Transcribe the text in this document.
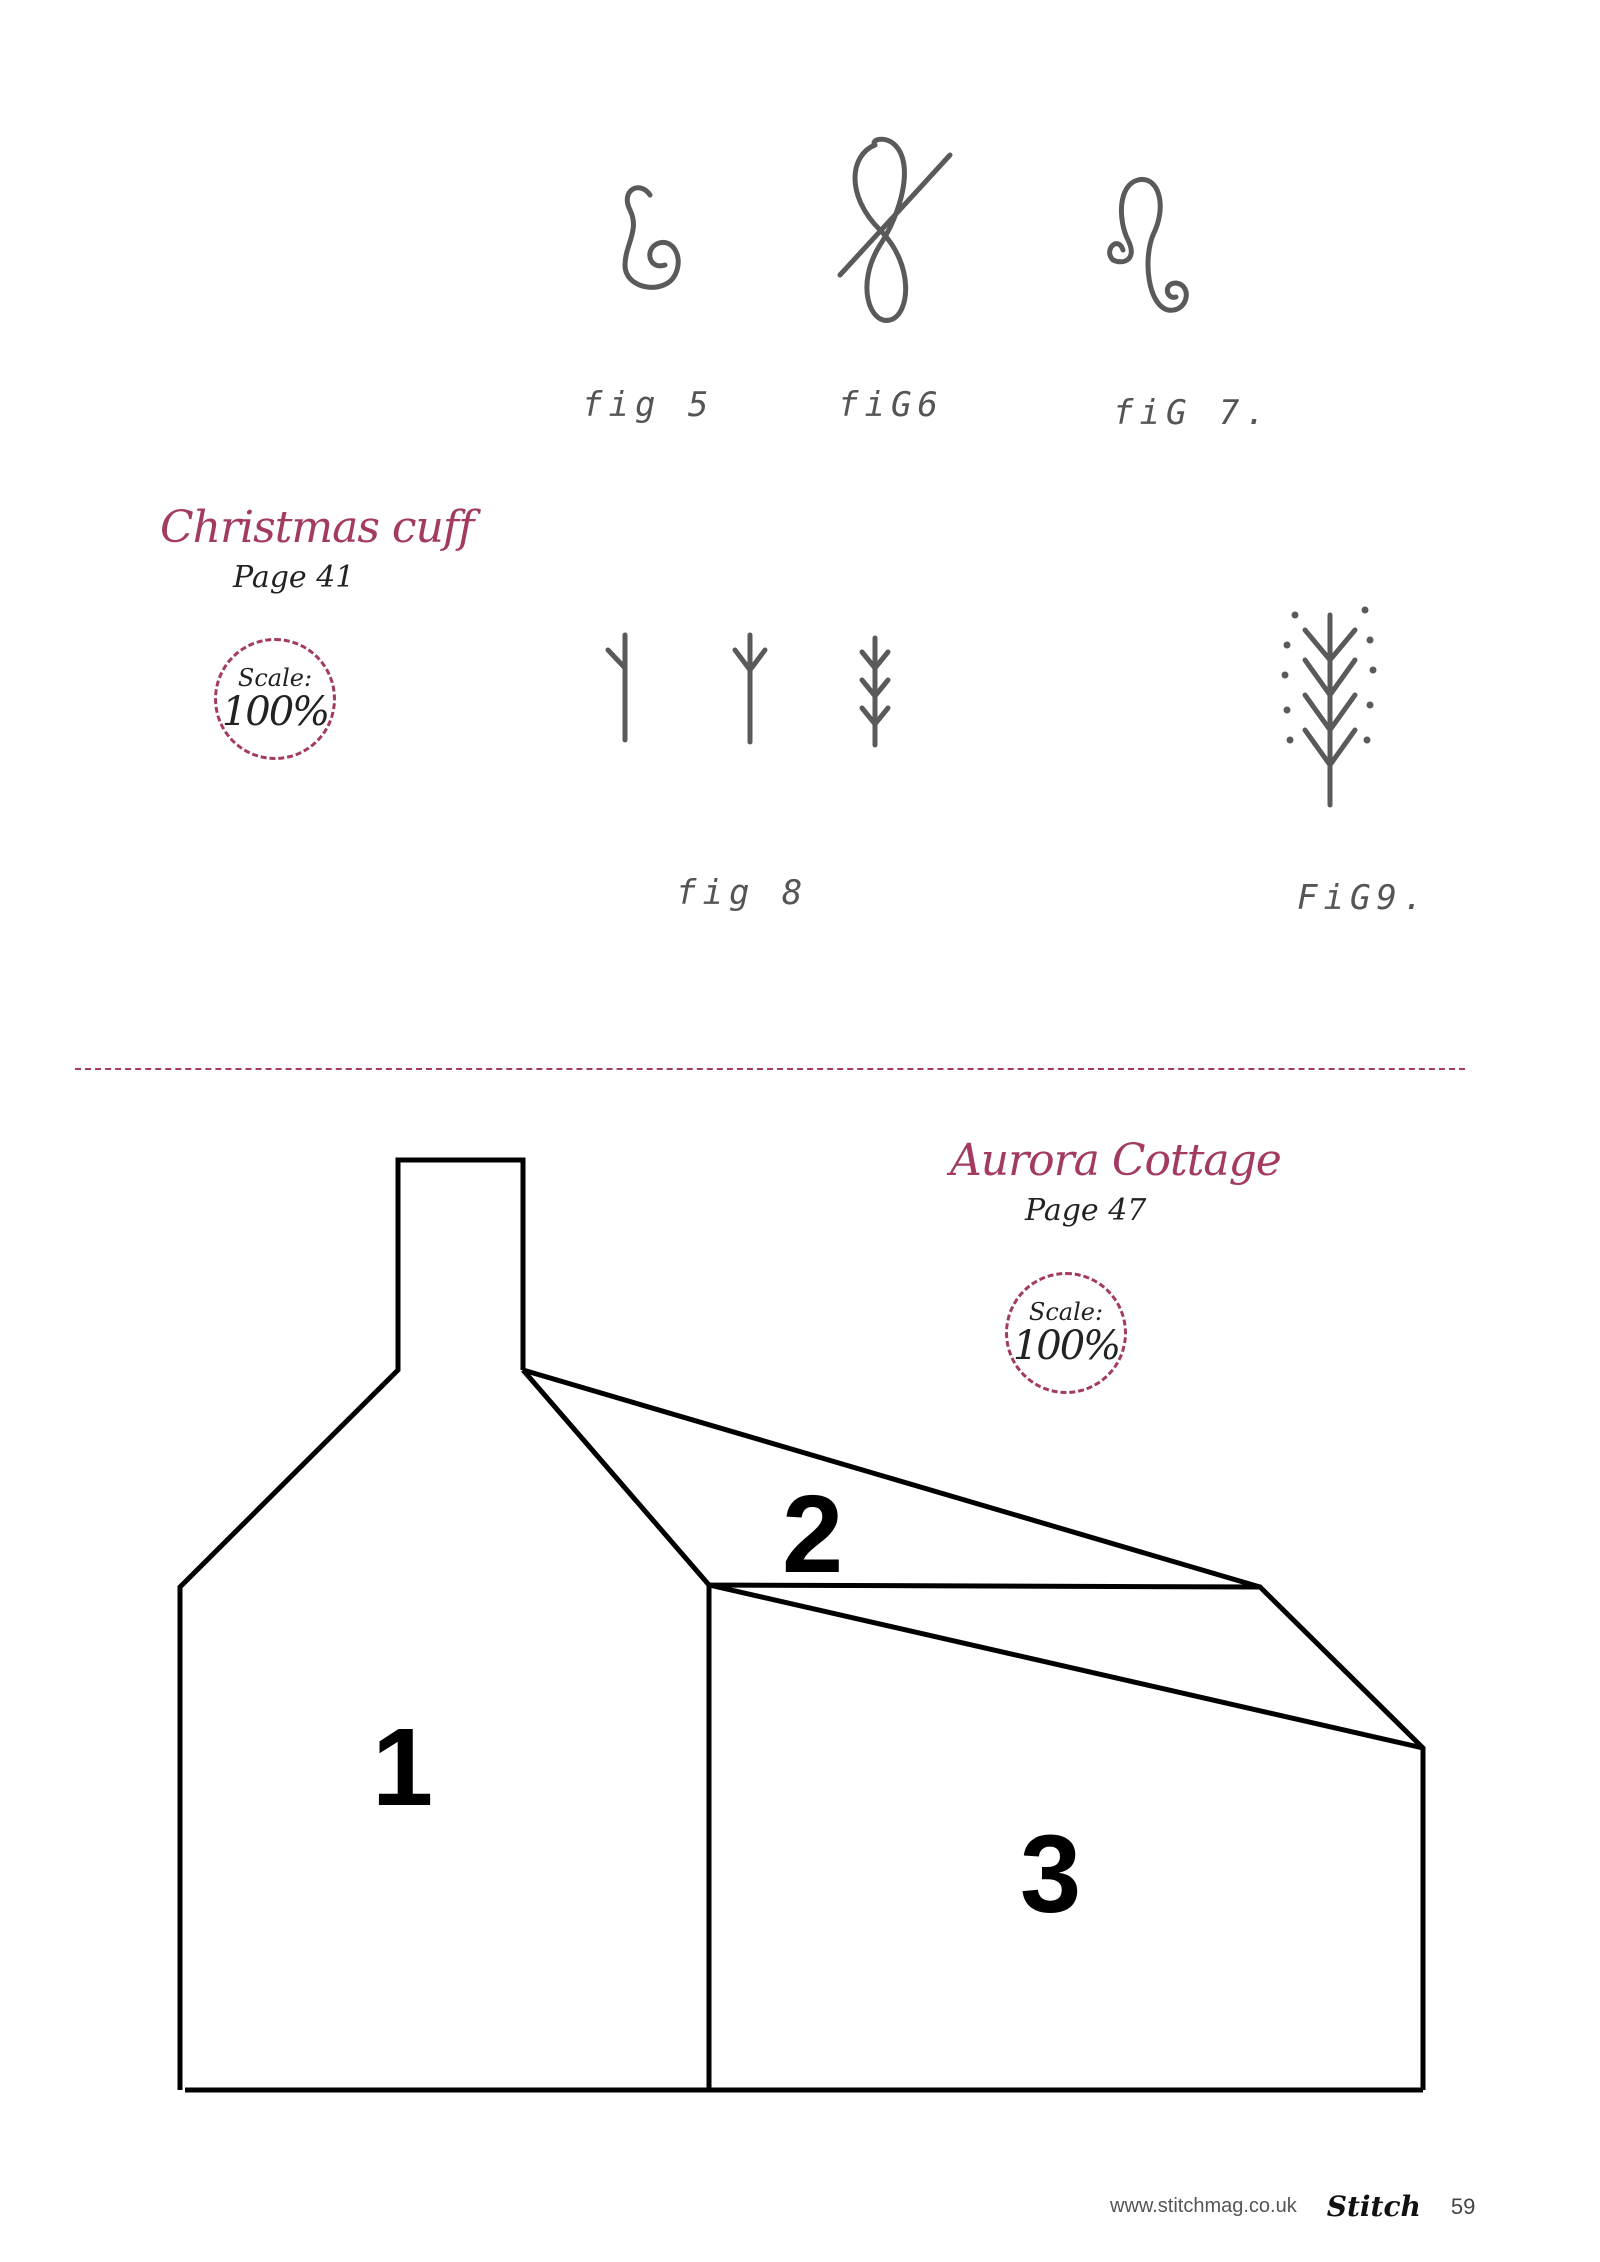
fig 5	fiG6	fiG 7.
Christmas cuff
Page 41
Scale:
100%
fig 8	FiG9.
Aurora Cottage
Page 47
Scale:
100%
1
2
3
www.stitchmag.co.uk Stitch 59
